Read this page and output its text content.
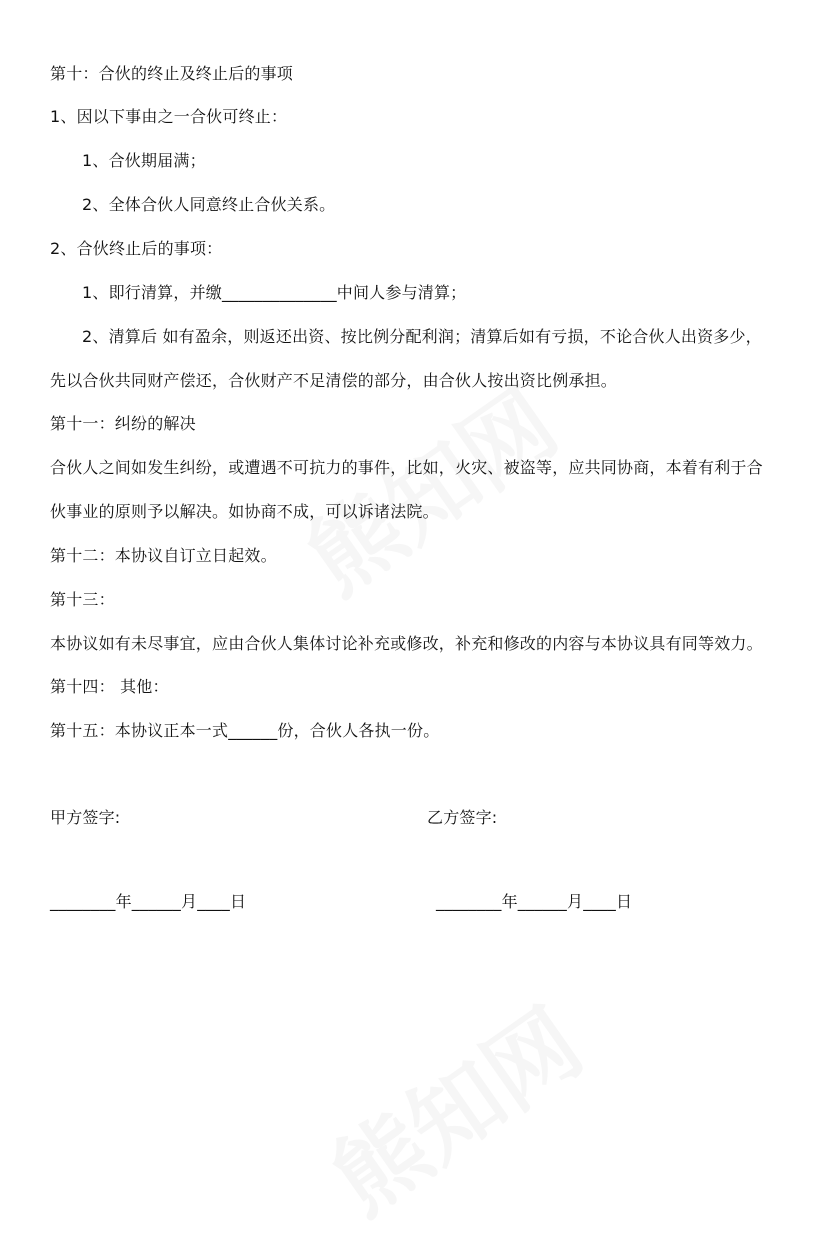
第十：合伙的终止及终止后的事项
1、因以下事由之一合伙可终止：
1、合伙期届满；
2、全体合伙人同意终止合伙关系。
2、合伙终止后的事项：
1、即行清算，并缴______________中间人参与清算；
2、清算后 如有盈余，则返还出资、按比例分配利润；清算后如有亏损，不论合伙人出资多少，
先以合伙共同财产偿还，合伙财产不足清偿的部分，由合伙人按出资比例承担。
第十一：纠纷的解决
合伙人之间如发生纠纷，或遭遇不可抗力的事件，比如，火灾、被盗等，应共同协商，本着有利于合
伙事业的原则予以解决。如协商不成，可以诉诸法院。
第十二：本协议自订立日起效。
第十三：
本协议如有未尽事宜，应由合伙人集体讨论补充或修改，补充和修改的内容与本协议具有同等效力。
第十四： 其他：
第十五：本协议正本一式______份，合伙人各执一份。
甲方签字:	乙方签字:
________年______月____日	________年______月____日
